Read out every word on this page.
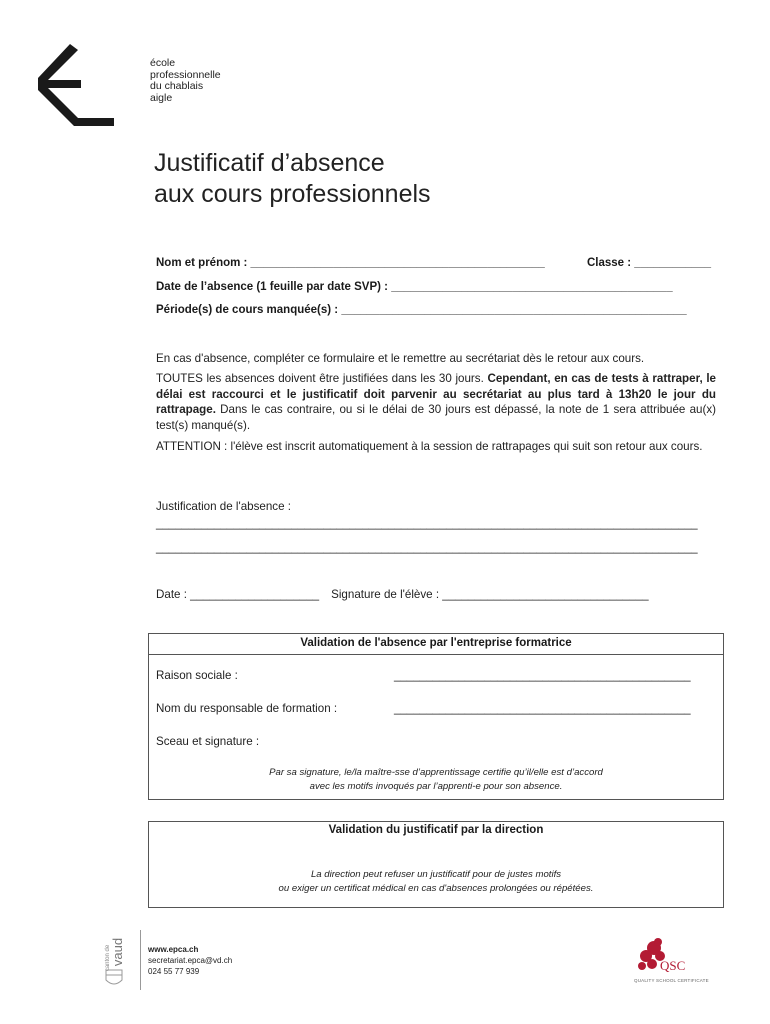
école
professionnelle
du chablais
aigle
Justificatif d’absence
aux cours professionnels
Nom et prénom : ______________________________________________	Classe : ____________
Date de l’absence (1 feuille par date SVP) : ____________________________________________
Période(s) de cours manquée(s) : ______________________________________________________
En cas d'absence, compléter ce formulaire et le remettre au secrétariat dès le retour aux cours.
TOUTES les absences doivent être justifiées dans les 30 jours. Cependant, en cas de tests à rattraper, le délai est raccourci et le justificatif doit parvenir au secrétariat au plus tard à 13h20 le jour du rattrapage. Dans le cas contraire, ou si le délai de 30 jours est dépassé, la note de 1 sera attribuée au(x) test(s) manqué(s).
ATTENTION : l'élève est inscrit automatiquement à la session de rattrapages qui suit son retour aux cours.
Justification de l'absence :
____________________________________________________________________________________
____________________________________________________________________________________
Date : ____________________ Signature de l'élève : ________________________________
Validation de l'absence par l'entreprise formatrice
Raison sociale :	______________________________________________
Nom du responsable de formation :	______________________________________________
Sceau et signature :
Par sa signature, le/la maître-sse d’apprentissage certifie qu’il/elle est d’accord
avec les motifs invoqués par l’apprenti-e pour son absence.
Validation du justificatif par la direction
La direction peut refuser un justificatif pour de justes motifs
ou exiger un certificat médical en cas d'absences prolongées ou répétées.
canton de vaud	www.epca.ch
secretariat.epca@vd.ch
024 55 77 939	QSC
QUALITY SCHOOL CERTIFICATE
